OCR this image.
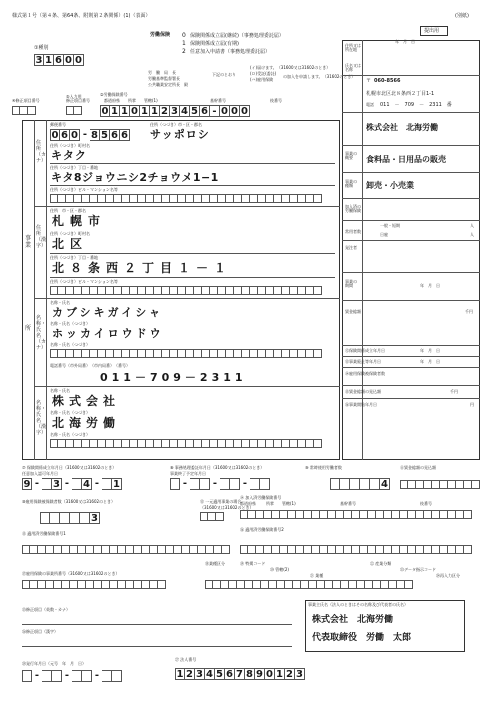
様式第１号（第４条、第64条、附則第２条関係）(1)（表面）	(別紙)
提出用
年　月　日
①種別
3 1 6 0 0
労働保険 0 保険関係成立届(継続)（事務処理委託届）
1 保険関係成立届(有期)
2 任意加入申請書（事務処理委託届）
労　働　局　長
労働基準監督署長
公共職業安定所長　殿
下記のとおり
(イ)届けます。（31600又は31602のとき）
(ロ)受託(委託)
(ハ)雇用保険
の加入を申請します。（31602のとき）
④修正項目番号
⑤入力用
修正項目番号
②労働保険番号
都道府県 所掌 管轄(1)	基幹番号	枝番号
0 1 1 0 1 1 2 3 4 5 6 - 0 0 0
事業
所
郵便番号
0 6 0 - 8 5 6 6
住所（つづき）市・区・郡名
サッポロシ
住所（つづき）町村名
キタク
住所（つづき）丁目・番地
キタ8ジョウニシ2チョウメ1−1
住所（つづき）ビル・マンション名等
住所（カナ）
住所　市・区・郡名
札幌市
住所（つづき）町村名
北区
住所（つづき）丁目・番地
北８条西２丁目１－１
住所（つづき）ビル・マンション名等
住所（漢字）
名称・氏名
カブシキガイシャ
名称・氏名（つづき）
ホッカイロウドウ
名称・氏名（つづき）
電話番号（市外局番）　（市内局番）　（番号）
011－709－2311
名称・氏名（カナ）
名称・氏名
株式会社
名称・氏名（つづき）
北海労働
名称・氏名（つづき）
名称・氏名（漢字）
住所又は
所在地
氏名又は
名称
〒 060-8566
札幌市北区北８条西２丁目1-1
電話 011　－　709　－　2311　番
株式会社　北海労働
事業の
概要	食料品・日用品の販売
事業の
種類	卸売・小売業
加入済の
労働保険
一般・短期	人
常用者数
日雇	人
発注者
事業の
期間	年　月　日
賃金総額	千円
⑫保険関係成立年月日	年　月　日
⑬事業廃止等年月日	年　月　日
⑭雇用保険被保険者数
⑮賃金総額の見込額	千円
⑯事業開始年月日	円
⑦ 保険関係成立年月日（31600又は31602のとき）
任意加入認可年月日
9 - 3 - 4 - 1
⑧ 事務処理委託年月日（31600又は31602のとき）
事業終了予定年月日
-	-	-
⑨ 常時使用労働者数
4
⑪賃金総額の見込額
⑩雇用保険被保険者数（31600又は31602のとき）
3
⑬ 一元適用事業の場合
（31600又は31602のとき）
⑭ 加入済労働保険番号
都道府県	所掌 管轄(1)	基幹番号	枝番号
⑮ 適用済労働保険番号1
⑯ 適用済労働保険番号2
⑰雇用保険の事業所番号（31600又は31602のとき）
⑱業種区分	⑲ 特掲コード
⑳ 管轄(2)
㉑ 業種
㉒ 産業分類
㉓データ指示コード
㉔再入力区分
㉕修正項目（英数・カナ）
㉖修正項目（漢字）
事業主氏名（法人のときはその名称及び代表者の氏名）
株式会社　北海労働
代表取締役　労働　太郎
㉘発行年月日（元号　年　月　日）
-	-	-
㉗ 法人番号
1 2 3 4 5 6 7 8 9 0 1 2 3
